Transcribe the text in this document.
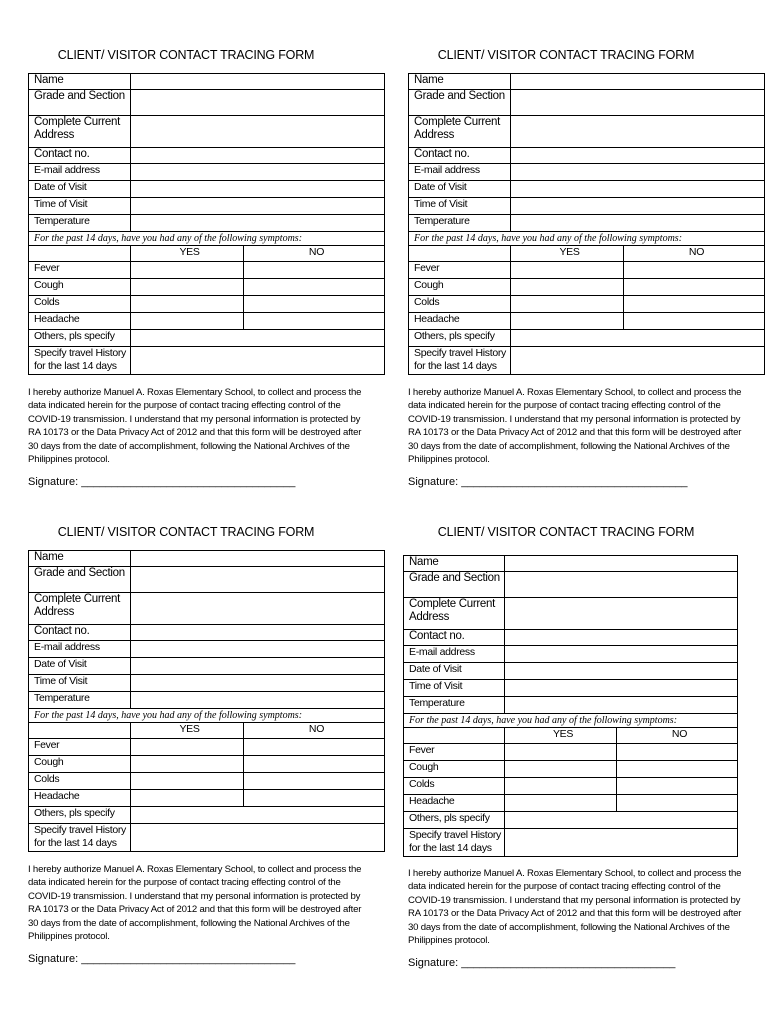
CLIENT/ VISITOR CONTACT TRACING FORM
Name		
Grade and Section		
Complete Current Address		
Contact no.		
E-mail address		
Date of Visit		
Time of Visit		
Temperature		
For the past 14 days, have you had any of the following symptoms:		
	YES	NO
Fever		
Cough		
Colds		
Headache		
Others, pls specify		
Specify travel History for the last 14 days		

I hereby authorize Manuel A. Roxas Elementary School, to collect and process the data indicated herein for the purpose of contact tracing effecting control of the COVID-19 transmission. I understand that my personal information is protected by RA 10173 or the Data Privacy Act of 2012 and that this form will be destroyed after 30 days from the date of accomplishment, following the National Archives of the Philippines protocol.

Signature: ___________________________________
CLIENT/ VISITOR CONTACT TRACING FORM
Name		
Grade and Section		
Complete Current Address		
Contact no.		
E-mail address		
Date of Visit		
Time of Visit		
Temperature		
For the past 14 days, have you had any of the following symptoms:		
	YES	NO
Fever		
Cough		
Colds		
Headache		
Others, pls specify		
Specify travel History for the last 14 days		

I hereby authorize Manuel A. Roxas Elementary School, to collect and process the data indicated herein for the purpose of contact tracing effecting control of the COVID-19 transmission. I understand that my personal information is protected by RA 10173 or the Data Privacy Act of 2012 and that this form will be destroyed after 30 days from the date of accomplishment, following the National Archives of the Philippines protocol.

Signature: _____________________________________
CLIENT/ VISITOR CONTACT TRACING FORM
Name		
Grade and Section		
Complete Current Address		
Contact no.		
E-mail address		
Date of Visit		
Time of Visit		
Temperature		
For the past 14 days, have you had any of the following symptoms:		
	YES	NO
Fever		
Cough		
Colds		
Headache		
Others, pls specify		
Specify travel History for the last 14 days		

I hereby authorize Manuel A. Roxas Elementary School, to collect and process the data indicated herein for the purpose of contact tracing effecting control of the COVID-19 transmission. I understand that my personal information is protected by RA 10173 or the Data Privacy Act of 2012 and that this form will be destroyed after 30 days from the date of accomplishment, following the National Archives of the Philippines protocol.

Signature: ___________________________________
CLIENT/ VISITOR CONTACT TRACING FORM
Name		
Grade and Section		
Complete Current Address		
Contact no.		
E-mail address		
Date of Visit		
Time of Visit		
Temperature		
For the past 14 days, have you had any of the following symptoms:		
	YES	NO
Fever		
Cough		
Colds		
Headache		
Others, pls specify		
Specify travel History for the last 14 days		

I hereby authorize Manuel A. Roxas Elementary School, to collect and process the data indicated herein for the purpose of contact tracing effecting control of the COVID-19 transmission. I understand that my personal information is protected by RA 10173 or the Data Privacy Act of 2012 and that this form will be destroyed after 30 days from the date of accomplishment, following the National Archives of the Philippines protocol.

Signature: ___________________________________
